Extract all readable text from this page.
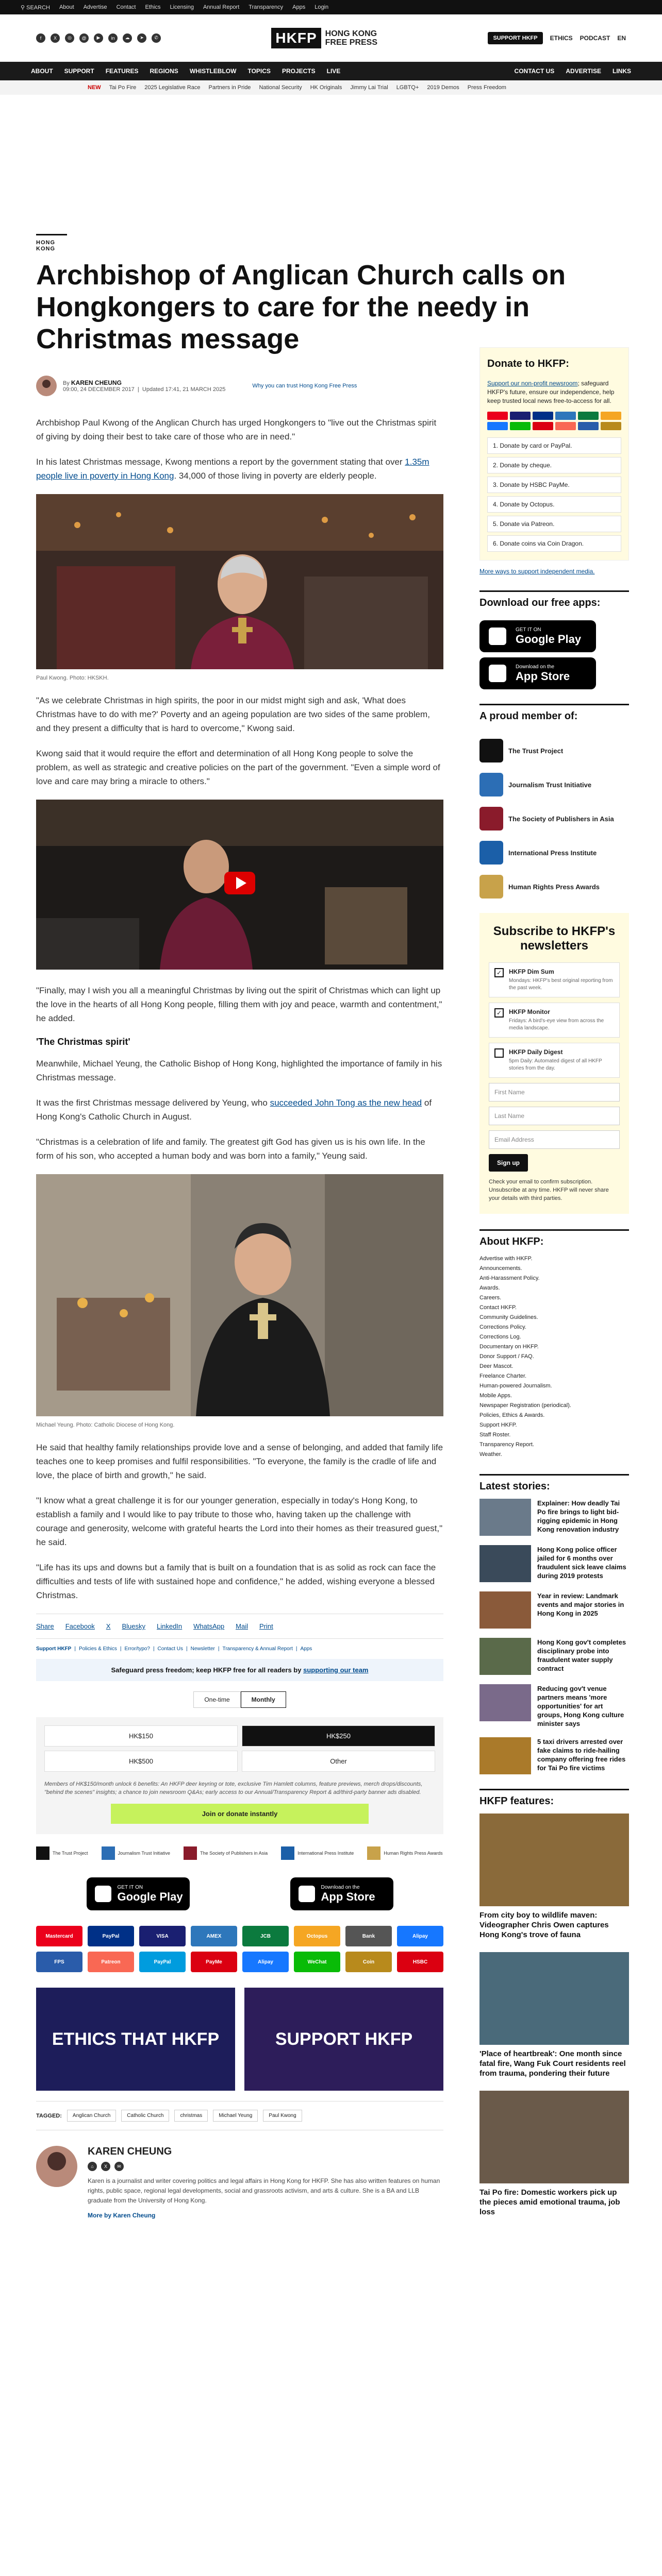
⚲ SEARCH About Advertise Contact Ethics Licensing Annual Report Transparency Apps Login
f	X	◎	@	▶	in	☁	➤	✆	HKFP	HONG KONG
FREE PRESS	SUPPORT HKFP	ETHICS PODCAST EN
ABOUT SUPPORT FEATURES REGIONS WHISTLEBLOW TOPICS PROJECTS LIVE	CONTACT US ADVERTISE LINKS
NEW Tai Po Fire 2025 Legislative Race Partners in Pride National Security HK Originals Jimmy Lai Trial LGBTQ+ 2019 Demos Press Freedom
HONG KONG
Archbishop of Anglican Church calls on Hongkongers to care for the needy in Christmas message
By KAREN CHEUNG
09:00, 24 DECEMBER 2017  |  Updated 17:41, 21 MARCH 2025
Why you can trust Hong Kong Free Press

Archbishop Paul Kwong of the Anglican Church has urged Hongkongers to "live out the Christmas spirit of giving by doing their best to take care of those who are in need."

In his latest Christmas message, Kwong mentions a report by the government stating that over 1.35m people live in poverty in Hong Kong. 34,000 of those living in poverty are elderly people.

Paul Kwong. Photo: HKSKH.

"As we celebrate Christmas in high spirits, the poor in our midst might sigh and ask, 'What does Christmas have to do with me?' Poverty and an ageing population are two sides of the same problem, and they present a difficulty that is hard to overcome," Kwong said.

Kwong said that it would require the effort and determination of all Hong Kong people to solve the problem, as well as strategic and creative policies on the part of the government. "Even a simple word of love and care may bring a miracle to others."

"Finally, may I wish you all a meaningful Christmas by living out the spirit of Christmas which can light up the love in the hearts of all Hong Kong people, filling them with joy and peace, warmth and contentment," he added.

'The Christmas spirit'

Meanwhile, Michael Yeung, the Catholic Bishop of Hong Kong, highlighted the importance of family in his Christmas message.

It was the first Christmas message delivered by Yeung, who succeeded John Tong as the new head of Hong Kong's Catholic Church in August.

"Christmas is a celebration of life and family. The greatest gift God has given us is his own life. In the form of his son, who accepted a human body and was born into a family," Yeung said.

Michael Yeung. Photo: Catholic Diocese of Hong Kong.

He said that healthy family relationships provide love and a sense of belonging, and added that family life teaches one to keep promises and fulfil responsibilities. "To everyone, the family is the cradle of life and love, the place of birth and growth," he said.

"I know what a great challenge it is for our younger generation, especially in today's Hong Kong, to establish a family and I would like to pay tribute to those who, having taken up the challenge with courage and generosity, welcome with grateful hearts the Lord into their homes as their treasured guest," he said.

"Life has its ups and downs but a family that is built on a foundation that is as solid as rock can face the difficulties and tests of life with sustained hope and confidence," he added, wishing everyone a blessed Christmas.

Share Facebook X Bluesky LinkedIn WhatsApp Mail Print
Support HKFP | Policies & Ethics | Error/typo? | Contact Us | Newsletter | Transparency & Annual Report | Apps
Safeguard press freedom; keep HKFP free for all readers by supporting our team
One-time	Monthly
HK$150	HK$250
HK$500	Other

Members of HK$150/month unlock 6 benefits: An HKFP deer keyring or tote, exclusive Tim Hamlett columns, feature previews, merch drops/discounts, "behind the scenes" insights; a chance to join newsroom Q&As; early access to our Annual/Transparency Report & ad/third-party banner ads disabled.

Join or donate instantly
The Trust Project	Journalism Trust Initiative	The Society of Publishers in Asia	International Press Institute	Human Rights Press Awards
GET IT ON
Google Play
Download on the
App Store
Mastercard	PayPal	VISA	AMEX	JCB	Octopus	Bank	Alipay
FPS	Patreon	PayPal	PayMe	Alipay	WeChat	Coin	HSBC
ETHICS THAT HKFP	SUPPORT HKFP
TAGGED:	Anglican Church	Catholic Church	christmas	Michael Yeung	Paul Kwong
KAREN CHEUNG
⌂	X	✉

Karen is a journalist and writer covering politics and legal affairs in Hong Kong for HKFP. She has also written features on human rights, public space, regional legal developments, social and grassroots activism, and arts & culture. She is a BA and LLB graduate from the University of Hong Kong.

More by Karen Cheung
Donate to HKFP:

Support our non-profit newsroom; safeguard HKFP's future, ensure our independence, help keep trusted local news free-to-access for all.

1. Donate by card or PayPal.
2. Donate by cheque.
3. Donate by HSBC PayMe.
4. Donate by Octopus.
5. Donate via Patreon.
6. Donate coins via Coin Dragon.
More ways to support independent media.
Download our free apps:
GET IT ON
Google Play
Download on the
App Store
A proud member of:
The Trust Project
Journalism Trust Initiative
The Society of Publishers in Asia
International Press Institute
Human Rights Press Awards
Subscribe to HKFP's newsletters
✓	HKFP Dim Sum
Mondays: HKFP's best original reporting from the past week.
✓	HKFP Monitor
Fridays: A bird's-eye view from across the media landscape.
HKFP Daily Digest
5pm Daily: Automated digest of all HKFP stories from the day.
First Name
Last Name
Email Address
Sign up

Check your email to confirm subscription. Unsubscribe at any time. HKFP will never share your details with third parties.

About HKFP:
Advertise with HKFP.
Announcements.
Anti-Harassment Policy.
Awards.
Careers.
Contact HKFP.
Community Guidelines.
Corrections Policy.
Corrections Log.
Documentary on HKFP.
Donor Support / FAQ.
Deer Mascot.
Freelance Charter.
Human-powered Journalism.
Mobile Apps.
Newspaper Registration (periodical).
Policies, Ethics & Awards.
Support HKFP.
Staff Roster.
Transparency Report.
Weather.
Latest stories:
Explainer: How deadly Tai Po fire brings to light bid-rigging epidemic in Hong Kong renovation industry
Hong Kong police officer jailed for 6 months over fraudulent sick leave claims during 2019 protests
Year in review: Landmark events and major stories in Hong Kong in 2025
Hong Kong gov't completes disciplinary probe into fraudulent water supply contract
Reducing gov't venue partners means 'more opportunities' for art groups, Hong Kong culture minister says
5 taxi drivers arrested over fake claims to ride-hailing company offering free rides for Tai Po fire victims
HKFP features:
From city boy to wildlife maven: Videographer Chris Owen captures Hong Kong's trove of fauna
'Place of heartbreak': One month since fatal fire, Wang Fuk Court residents reel from trauma, pondering their future
Tai Po fire: Domestic workers pick up the pieces amid emotional trauma, job loss
